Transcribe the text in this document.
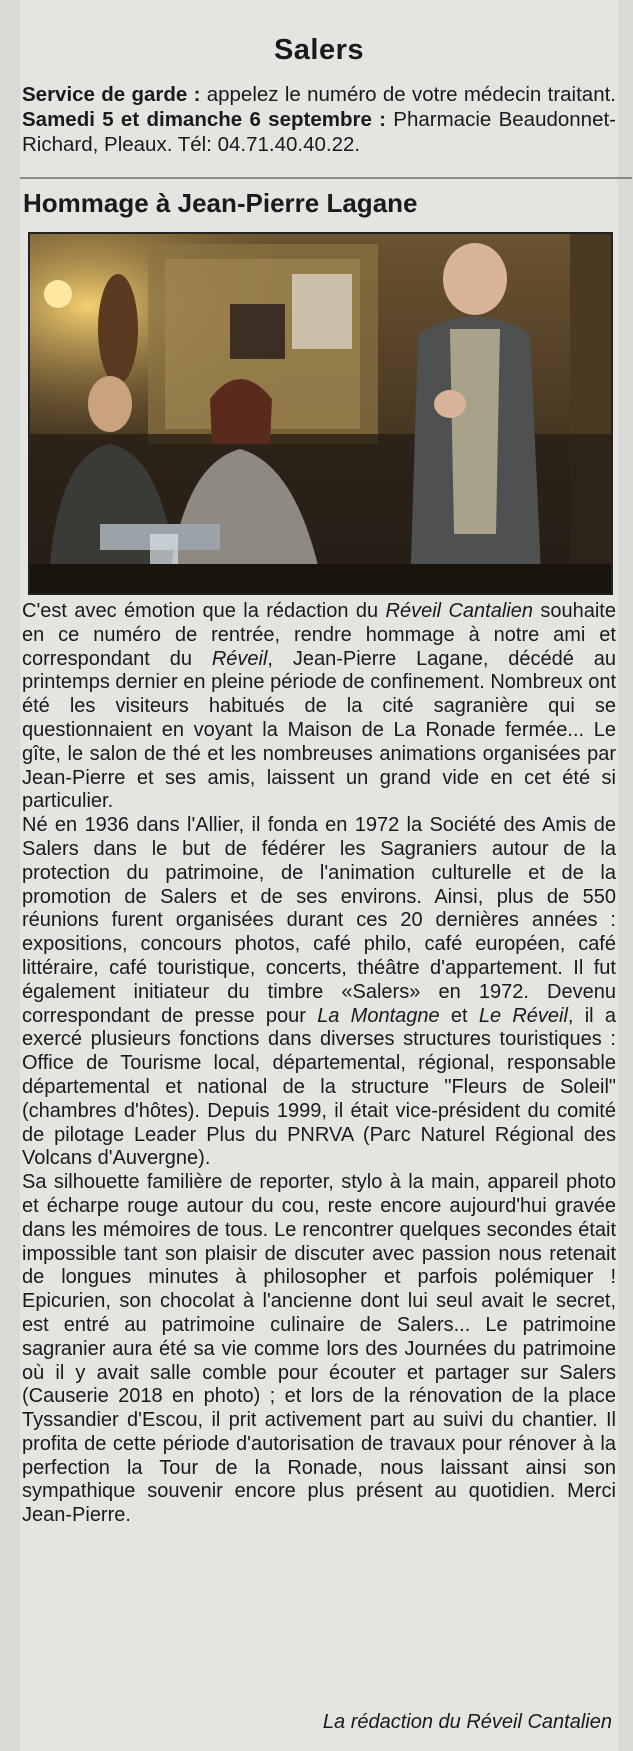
Salers
Service de garde : appelez le numéro de votre médecin traitant. Samedi 5 et dimanche 6 septembre : Pharmacie Beaudonnet-Richard, Pleaux. Tél: 04.71.40.40.22.
Hommage à Jean-Pierre Lagane

C'est avec émotion que la rédaction du Réveil Cantalien souhaite en ce numéro de rentrée, rendre hommage à notre ami et correspondant du Réveil, Jean-Pierre Lagane, décédé au printemps dernier en pleine période de confinement. Nombreux ont été les visiteurs habitués de la cité sagranière qui se questionnaient en voyant la Maison de La Ronade fermée... Le gîte, le salon de thé et les nombreuses animations organisées par Jean-Pierre et ses amis, laissent un grand vide en cet été si particulier.

Né en 1936 dans l'Allier, il fonda en 1972 la Société des Amis de Salers dans le but de fédérer les Sagraniers autour de la protection du patrimoine, de l'animation culturelle et de la promotion de Salers et de ses environs. Ainsi, plus de 550 réunions furent organisées durant ces 20 dernières années : expositions, concours photos, café philo, café européen, café littéraire, café touristique, concerts, théâtre d'appartement. Il fut également initiateur du timbre «Salers» en 1972. Devenu correspondant de presse pour La Montagne et Le Réveil, il a exercé plusieurs fonctions dans diverses structures touristiques : Office de Tourisme local, départemental, régional, responsable départemental et national de la structure "Fleurs de Soleil" (chambres d'hôtes). Depuis 1999, il était vice-président du comité de pilotage Leader Plus du PNRVA (Parc Naturel Régional des Volcans d'Auvergne).

Sa silhouette familière de reporter, stylo à la main, appareil photo et écharpe rouge autour du cou, reste encore aujourd'hui gravée dans les mémoires de tous. Le rencontrer quelques secondes était impossible tant son plaisir de discuter avec passion nous retenait de longues minutes à philosopher et parfois polémiquer ! Epicurien, son chocolat à l'ancienne dont lui seul avait le secret, est entré au patrimoine culinaire de Salers... Le patrimoine sagranier aura été sa vie comme lors des Journées du patrimoine où il y avait salle comble pour écouter et partager sur Salers (Causerie 2018 en photo) ; et lors de la rénovation de la place Tyssandier d'Escou, il prit activement part au suivi du chantier. Il profita de cette période d'autorisation de travaux pour rénover à la perfection la Tour de la Ronade, nous laissant ainsi son sympathique souvenir encore plus présent au quotidien. Merci Jean-Pierre.

La rédaction du Réveil Cantalien
